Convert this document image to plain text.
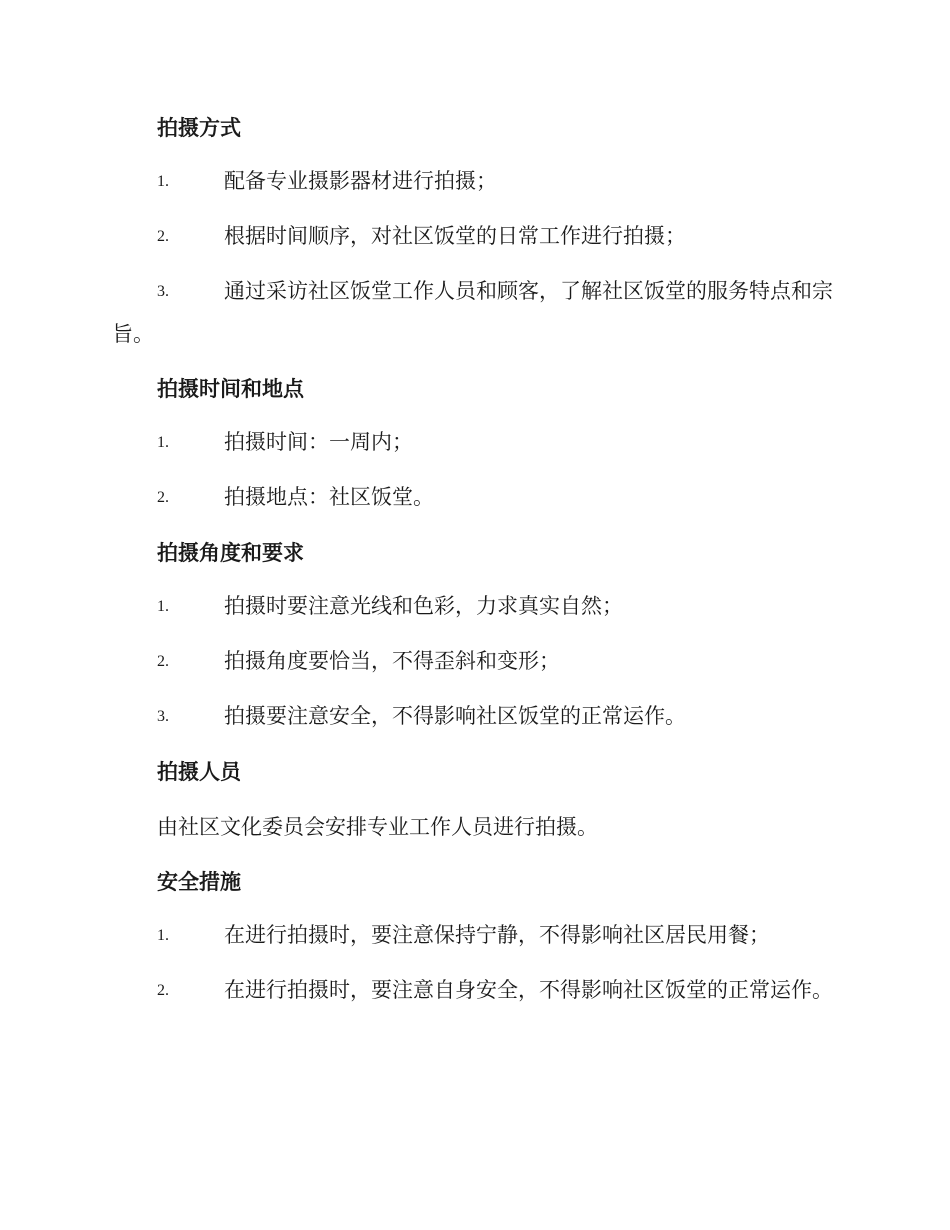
拍摄方式
1.	配备专业摄影器材进行拍摄；
2.	根据时间顺序，对社区饭堂的日常工作进行拍摄；
3.	通过采访社区饭堂工作人员和顾客，了解社区饭堂的服务特点和宗旨。
拍摄时间和地点
1.	拍摄时间：一周内；
2.	拍摄地点：社区饭堂。
拍摄角度和要求
1.	拍摄时要注意光线和色彩，力求真实自然；
2.	拍摄角度要恰当，不得歪斜和变形；
3.	拍摄要注意安全，不得影响社区饭堂的正常运作。
拍摄人员
由社区文化委员会安排专业工作人员进行拍摄。
安全措施
1.	在进行拍摄时，要注意保持宁静，不得影响社区居民用餐；
2.	在进行拍摄时，要注意自身安全，不得影响社区饭堂的正常运作。
